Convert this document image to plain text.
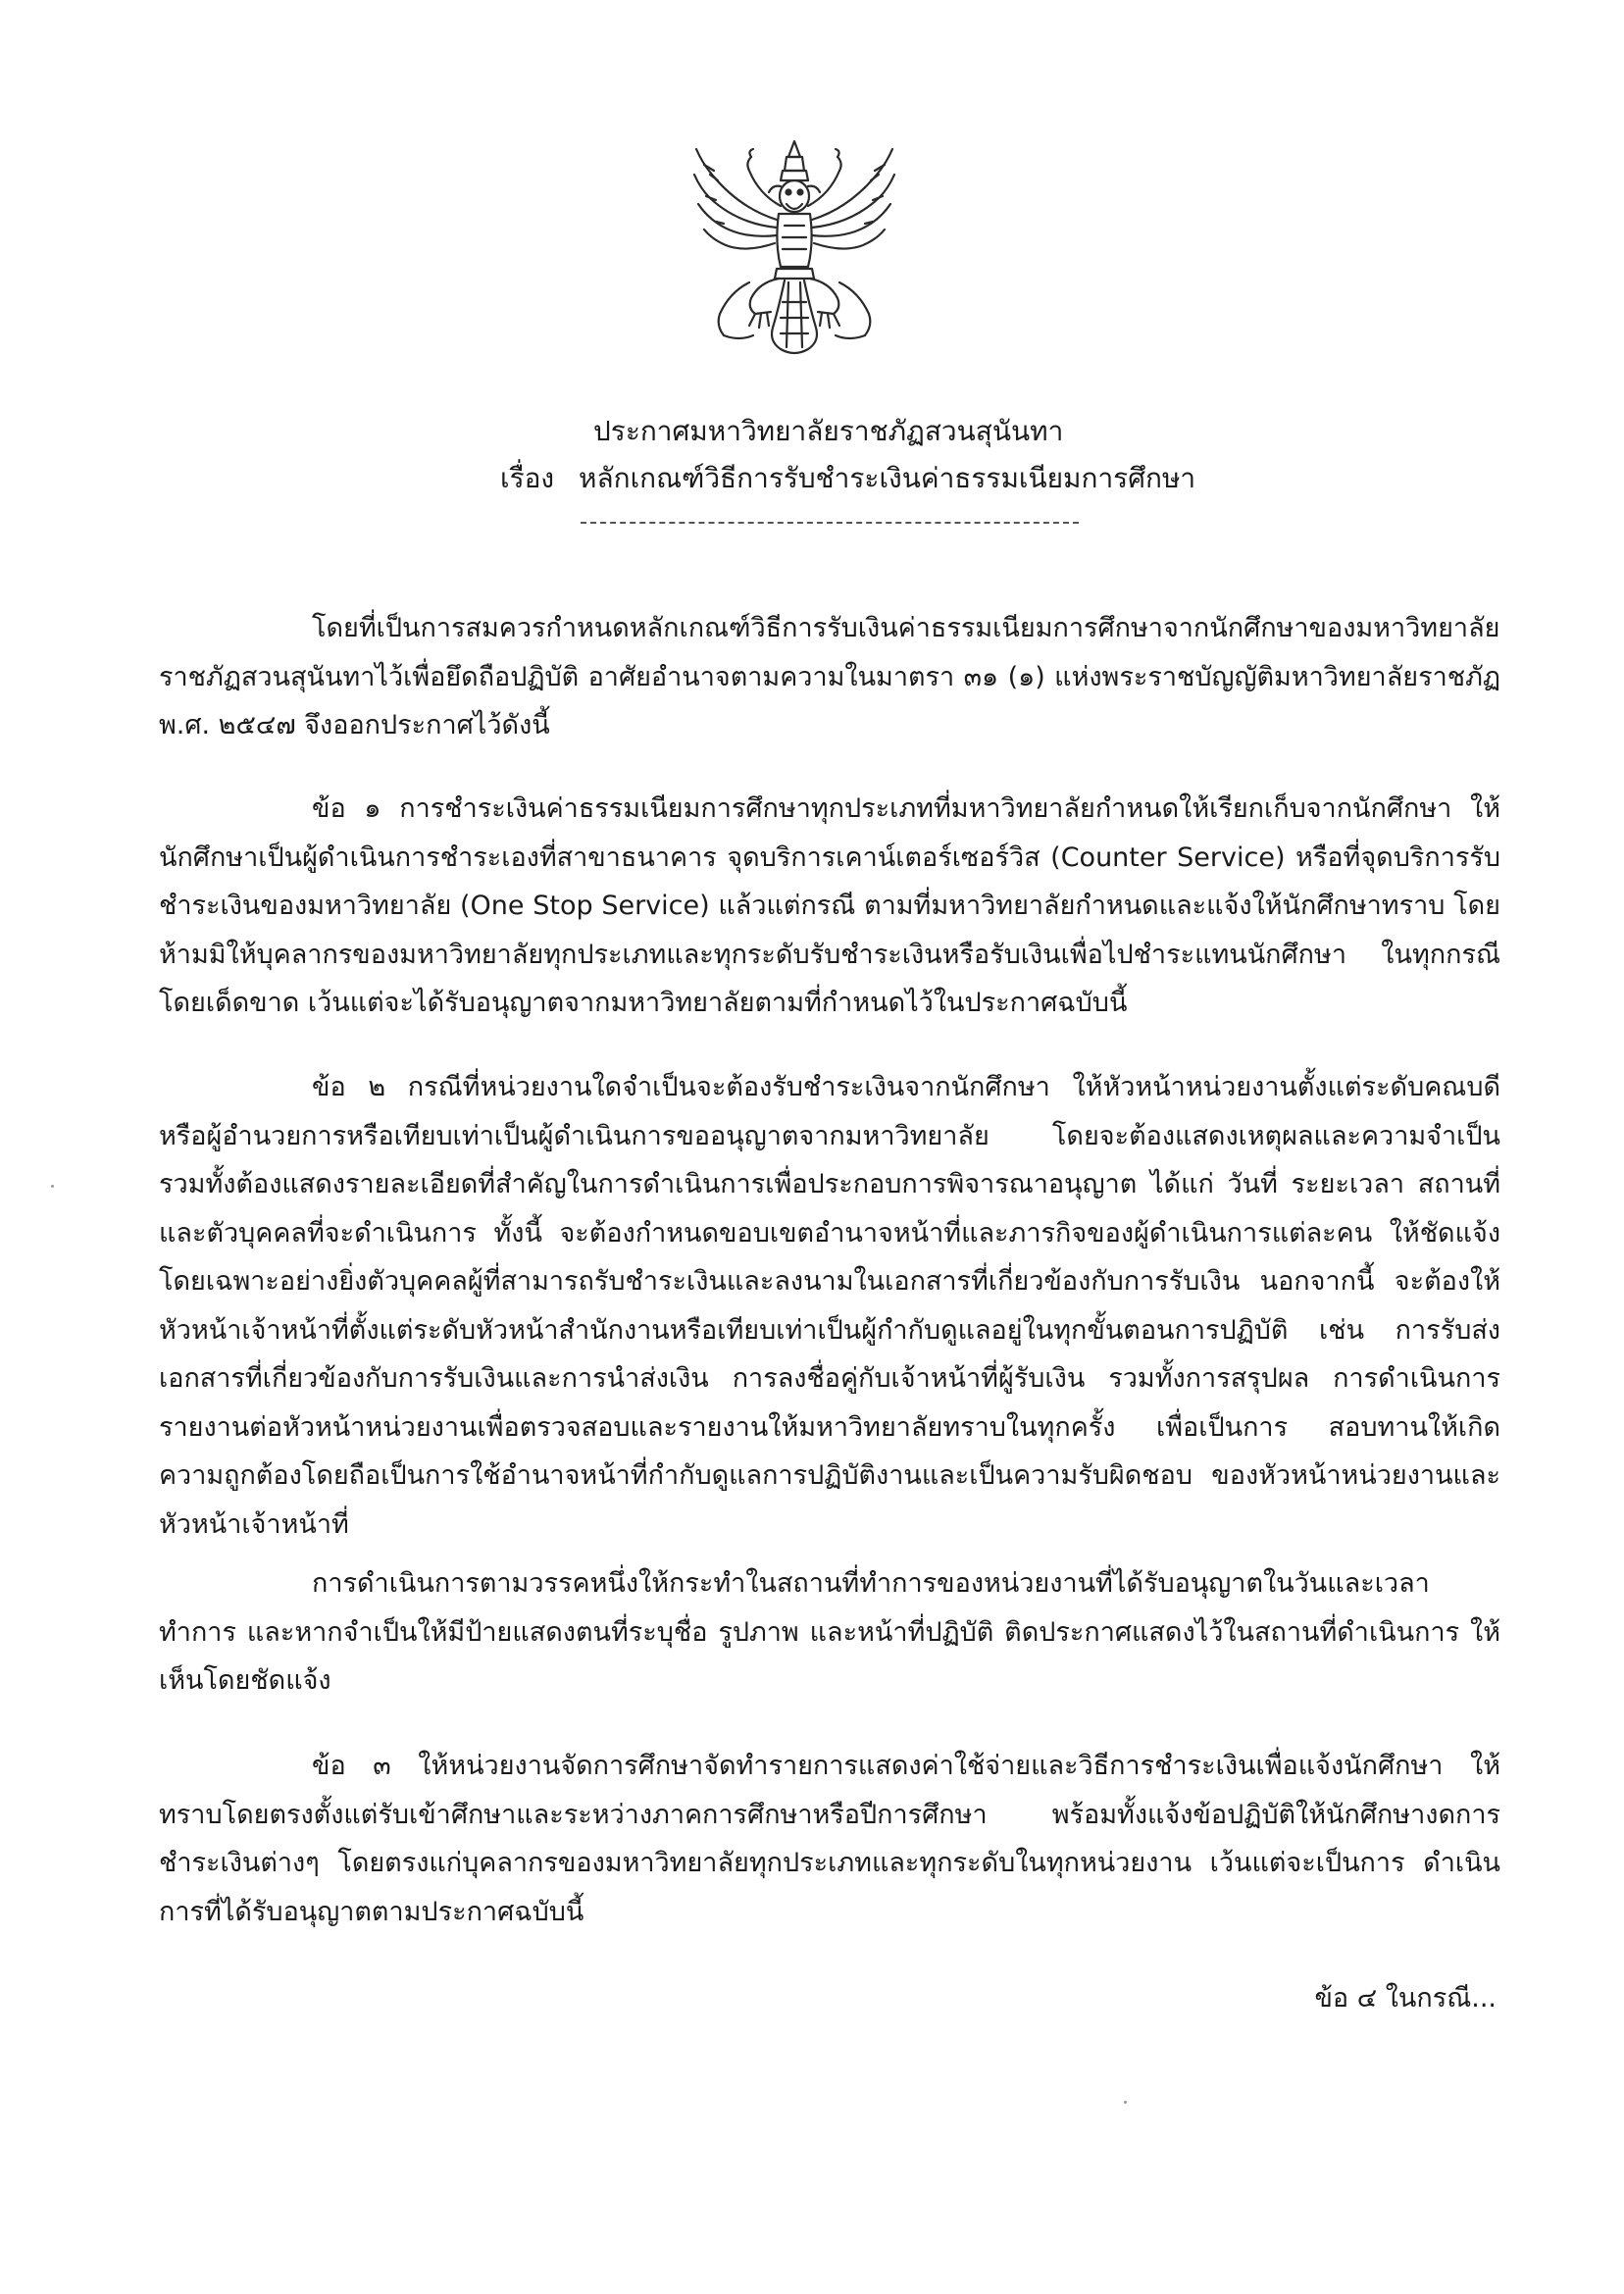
ประกาศมหาวิทยาลัยราชภัฏสวนสุนันทา
เรื่อง หลักเกณฑ์วิธีการรับชำระเงินค่าธรรมเนียมการศึกษา

โดยที่เป็นการสมควรกำหนดหลักเกณฑ์วิธีการรับเงินค่าธรรมเนียมการศึกษาจากนักศึกษาของมหาวิทยาลัยราชภัฏสวนสุนันทาไว้เพื่อยึดถือปฏิบัติ อาศัยอำนาจตามความในมาตรา ๓๑ (๑) แห่งพระราชบัญญัติมหาวิทยาลัยราชภัฏ พ.ศ. ๒๕๔๗ จึงออกประกาศไว้ดังนี้

ข้อ ๑ การชำระเงินค่าธรรมเนียมการศึกษาทุกประเภทที่มหาวิทยาลัยกำหนดให้เรียกเก็บจากนักศึกษา ให้นักศึกษาเป็นผู้ดำเนินการชำระเองที่สาขาธนาคาร จุดบริการเคาน์เตอร์เซอร์วิส (Counter Service) หรือที่จุดบริการรับชำระเงินของมหาวิทยาลัย (One Stop Service) แล้วแต่กรณี ตามที่มหาวิทยาลัยกำหนดและแจ้งให้นักศึกษาทราบ โดยห้ามมิให้บุคลากรของมหาวิทยาลัยทุกประเภทและทุกระดับรับชำระเงินหรือรับเงินเพื่อไปชำระแทนนักศึกษา ในทุกกรณีโดยเด็ดขาด เว้นแต่จะได้รับอนุญาตจากมหาวิทยาลัยตามที่กำหนดไว้ในประกาศฉบับนี้

ข้อ ๒ กรณีที่หน่วยงานใดจำเป็นจะต้องรับชำระเงินจากนักศึกษา ให้หัวหน้าหน่วยงานตั้งแต่ระดับคณบดี หรือผู้อำนวยการหรือเทียบเท่าเป็นผู้ดำเนินการขออนุญาตจากมหาวิทยาลัย โดยจะต้องแสดงเหตุผลและความจำเป็น รวมทั้งต้องแสดงรายละเอียดที่สำคัญในการดำเนินการเพื่อประกอบการพิจารณาอนุญาต ได้แก่ วันที่ ระยะเวลา สถานที่ และตัวบุคคลที่จะดำเนินการ ทั้งนี้ จะต้องกำหนดขอบเขตอำนาจหน้าที่และภารกิจของผู้ดำเนินการแต่ละคน ให้ชัดแจ้งโดยเฉพาะอย่างยิ่งตัวบุคคลผู้ที่สามารถรับชำระเงินและลงนามในเอกสารที่เกี่ยวข้องกับการรับเงิน นอกจากนี้ จะต้องให้หัวหน้าเจ้าหน้าที่ตั้งแต่ระดับหัวหน้าสำนักงานหรือเทียบเท่าเป็นผู้กำกับดูแลอยู่ในทุกขั้นตอนการปฏิบัติ เช่น การรับส่งเอกสารที่เกี่ยวข้องกับการรับเงินและการนำส่งเงิน การลงชื่อคู่กับเจ้าหน้าที่ผู้รับเงิน รวมทั้งการสรุปผล การดำเนินการรายงานต่อหัวหน้าหน่วยงานเพื่อตรวจสอบและรายงานให้มหาวิทยาลัยทราบในทุกครั้ง เพื่อเป็นการ สอบทานให้เกิดความถูกต้องโดยถือเป็นการใช้อำนาจหน้าที่กำกับดูแลการปฏิบัติงานและเป็นความรับผิดชอบ ของหัวหน้าหน่วยงานและหัวหน้าเจ้าหน้าที่

การดำเนินการตามวรรคหนึ่งให้กระทำในสถานที่ทำการของหน่วยงานที่ได้รับอนุญาตในวันและเวลา ทำการ และหากจำเป็นให้มีป้ายแสดงตนที่ระบุชื่อ รูปภาพ และหน้าที่ปฏิบัติ ติดประกาศแสดงไว้ในสถานที่ดำเนินการ ให้เห็นโดยชัดแจ้ง

ข้อ ๓ ให้หน่วยงานจัดการศึกษาจัดทำรายการแสดงค่าใช้จ่ายและวิธีการชำระเงินเพื่อแจ้งนักศึกษา ให้ทราบโดยตรงตั้งแต่รับเข้าศึกษาและระหว่างภาคการศึกษาหรือปีการศึกษา พร้อมทั้งแจ้งข้อปฏิบัติให้นักศึกษางดการ ชำระเงินต่างๆ โดยตรงแก่บุคลากรของมหาวิทยาลัยทุกประเภทและทุกระดับในทุกหน่วยงาน เว้นแต่จะเป็นการ ดำเนินการที่ได้รับอนุญาตตามประกาศฉบับนี้

ข้อ ๔ ในกรณี...
